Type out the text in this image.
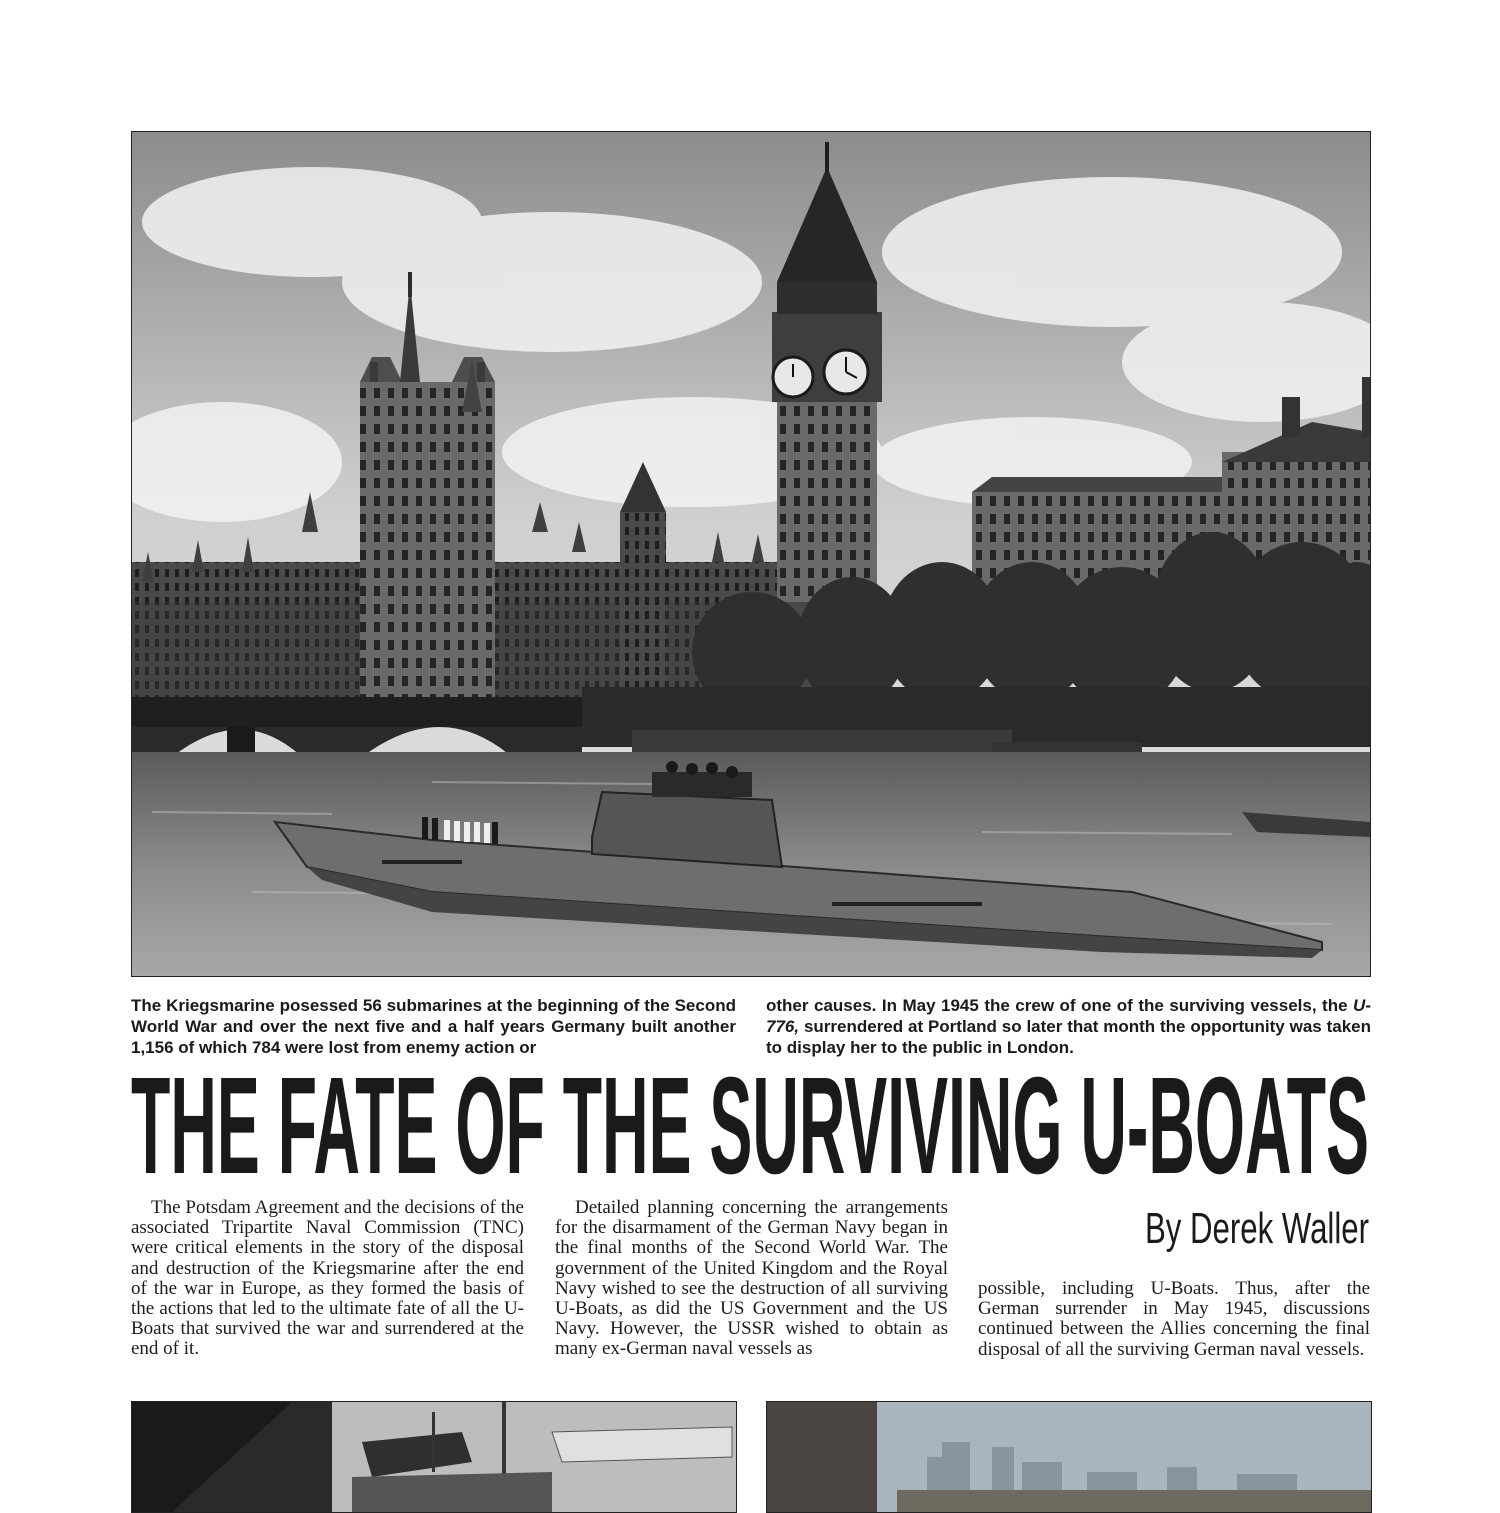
The Kriegsmarine posessed 56 submarines at the beginning of the Second World War and over the next five and a half years Germany built another 1,156 of which 784 were lost from enemy action or
other causes. In May 1945 the crew of one of the surviving vessels, the U-776, surrendered at Portland so later that month the opportunity was taken to display her to the public in London.
THE FATE OF THE SURVIVING U-BOATS
By Derek Waller
The Potsdam Agreement and the decisions of the associated Tripartite Naval Commission (TNC) were critical elements in the story of the disposal and destruction of the Kriegsmarine after the end of the war in Europe, as they formed the basis of the actions that led to the ultimate fate of all the U-Boats that survived the war and surrendered at the end of it.
Detailed planning concerning the arrangements for the disarmament of the German Navy began in the final months of the Second World War. The government of the United Kingdom and the Royal Navy wished to see the destruction of all surviving U-Boats, as did the US Government and the US Navy. However, the USSR wished to obtain as many ex-German naval vessels as
possible, including U-Boats. Thus, after the German surrender in May 1945, discussions continued between the Allies concerning the final disposal of all the surviving German naval vessels.
